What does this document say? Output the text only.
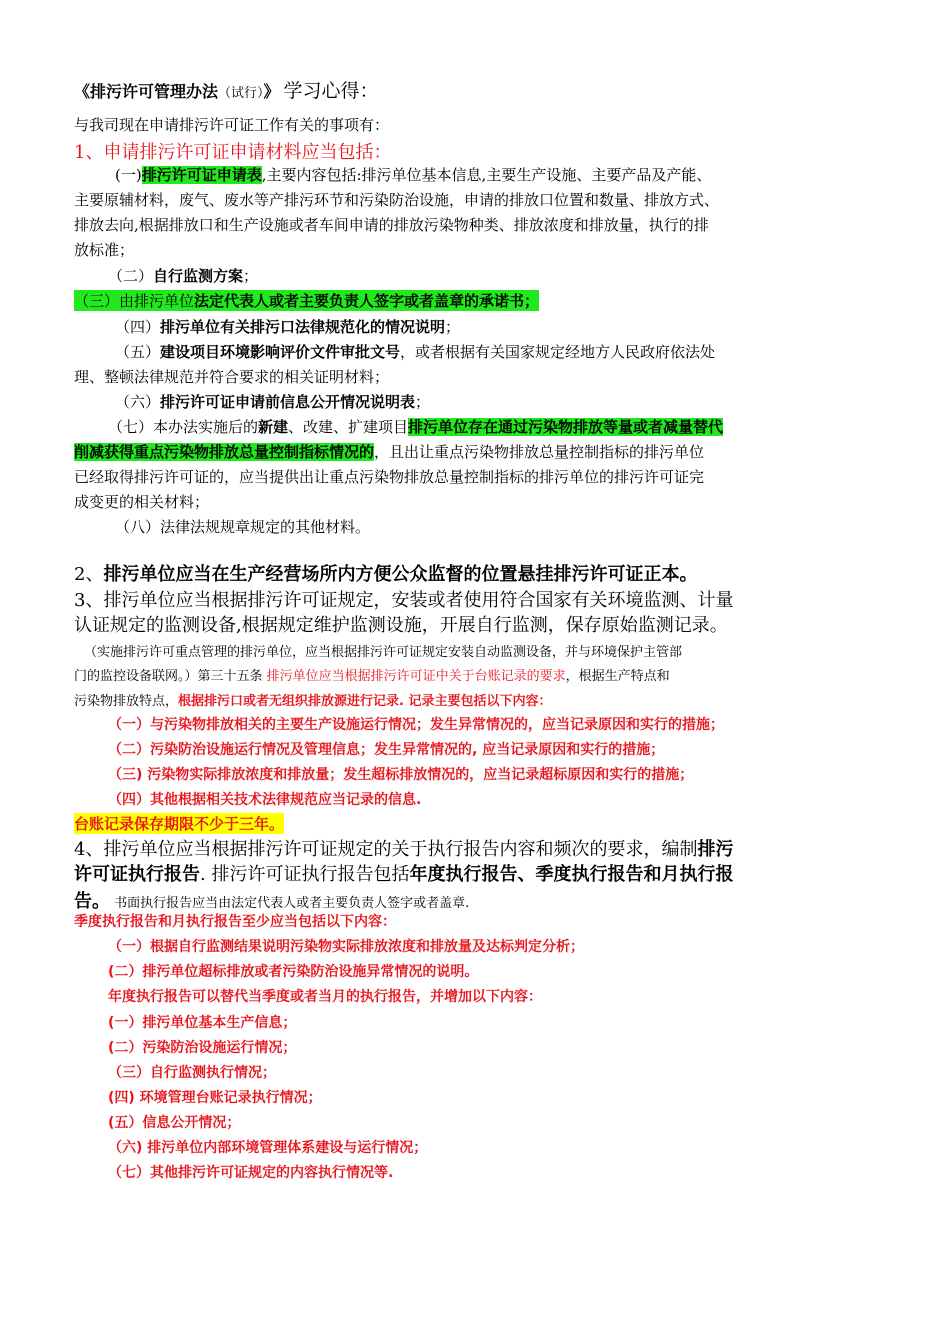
《排污许可管理办法（试行）》 学习心得：
与我司现在申请排污许可证工作有关的事项有：
1、申请排污许可证申请材料应当包括：
(一)排污许可证申请表,主要内容包括:排污单位基本信息,主要生产设施、主要产品及产能、
主要原辅材料，废气、废水等产排污环节和污染防治设施，申请的排放口位置和数量、排放方式、
排放去向,根据排放口和生产设施或者车间申请的排放污染物种类、排放浓度和排放量，执行的排
放标准；
（二）自行监测方案；
（三）由排污单位法定代表人或者主要负责人签字或者盖章的承诺书；
（四）排污单位有关排污口法律规范化的情况说明；
（五）建设项目环境影响评价文件审批文号，或者根据有关国家规定经地方人民政府依法处
理、整顿法律规范并符合要求的相关证明材料；
（六）排污许可证申请前信息公开情况说明表；
（七）本办法实施后的新建、改建、扩建项目排污单位存在通过污染物排放等量或者减量替代
削减获得重点污染物排放总量控制指标情况的，且出让重点污染物排放总量控制指标的排污单位
已经取得排污许可证的，应当提供出让重点污染物排放总量控制指标的排污单位的排污许可证完
成变更的相关材料；
（八）法律法规规章规定的其他材料。
2、排污单位应当在生产经营场所内方便公众监督的位置悬挂排污许可证正本。
3、排污单位应当根据排污许可证规定，安装或者使用符合国家有关环境监测、计量
认证规定的监测设备,根据规定维护监测设施，开展自行监测，保存原始监测记录。
（实施排污许可重点管理的排污单位，应当根据排污许可证规定安装自动监测设备，并与环境保护主管部
门的监控设备联网。）第三十五条 排污单位应当根据排污许可证中关于台账记录的要求，根据生产特点和
污染物排放特点，根据排污口或者无组织排放源进行记录. 记录主要包括以下内容：
（一）与污染物排放相关的主要生产设施运行情况；发生异常情况的，应当记录原因和实行的措施；
（二）污染防治设施运行情况及管理信息；发生异常情况的, 应当记录原因和实行的措施；
（三) 污染物实际排放浓度和排放量；发生超标排放情况的，应当记录超标原因和实行的措施；
（四）其他根据相关技术法律规范应当记录的信息.
台账记录保存期限不少于三年。
4、排污单位应当根据排污许可证规定的关于执行报告内容和频次的要求，编制排污
许可证执行报告. 排污许可证执行报告包括年度执行报告、季度执行报告和月执行报
告。 书面执行报告应当由法定代表人或者主要负责人签字或者盖章.
季度执行报告和月执行报告至少应当包括以下内容：
（一）根据自行监测结果说明污染物实际排放浓度和排放量及达标判定分析；
(二）排污单位超标排放或者污染防治设施异常情况的说明。
年度执行报告可以替代当季度或者当月的执行报告，并增加以下内容：
(一）排污单位基本生产信息；
(二）污染防治设施运行情况；
（三）自行监测执行情况；
(四) 环境管理台账记录执行情况；
(五）信息公开情况；
（六) 排污单位内部环境管理体系建设与运行情况；
（七）其他排污许可证规定的内容执行情况等.
